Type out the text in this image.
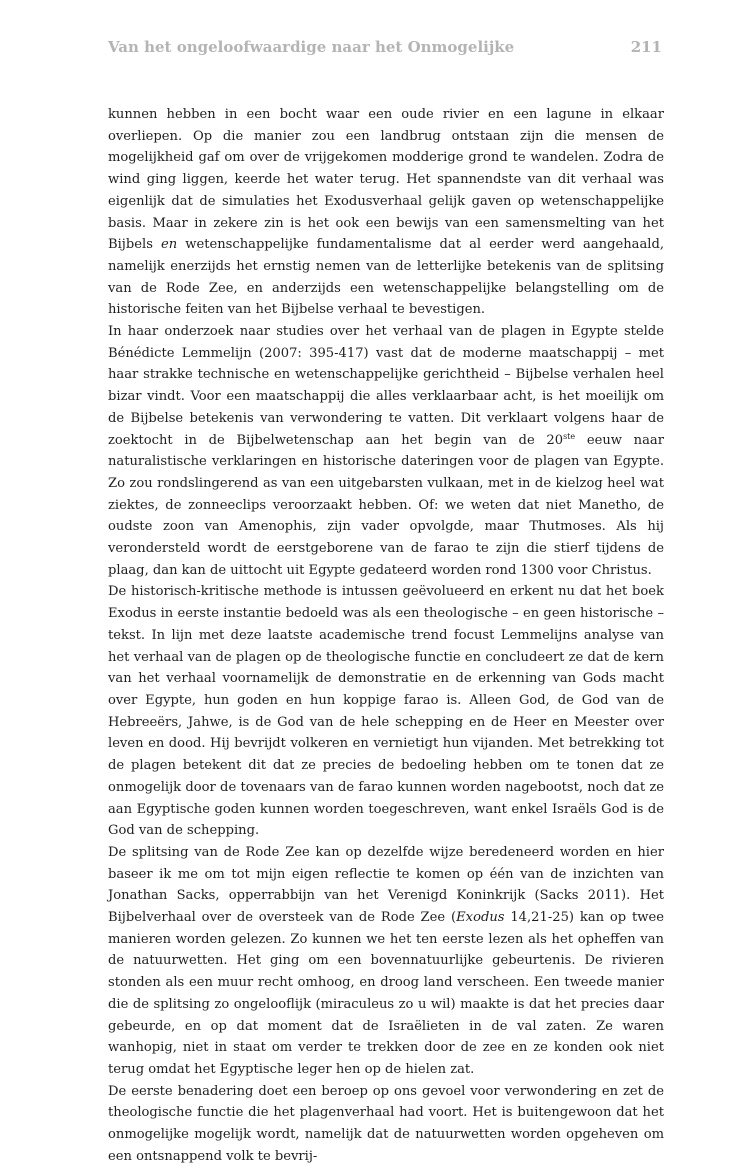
Van het ongeloofwaardige naar het Onmogelijke	211

kunnen hebben in een bocht waar een oude rivier en een lagune in elkaar overliepen. Op die manier zou een landbrug ontstaan zijn die mensen de mogelijkheid gaf om over de vrijgekomen modderige grond te wandelen. Zodra de wind ging liggen, keerde het water terug. Het spannendste van dit verhaal was eigenlijk dat de simulaties het Exodusverhaal gelijk gaven op wetenschappelijke basis. Maar in zekere zin is het ook een bewijs van een samensmelting van het Bijbels en wetenschappelijke fundamentalisme dat al eerder werd aangehaald, namelijk enerzijds het ernstig nemen van de letterlijke betekenis van de splitsing van de Rode Zee, en anderzijds een wetenschappelijke belangstelling om de historische feiten van het Bijbelse verhaal te bevestigen.

In haar onderzoek naar studies over het verhaal van de plagen in Egypte stelde Bénédicte Lemmelijn (2007: 395-417) vast dat de moderne maatschappij – met haar strakke technische en wetenschappelijke gerichtheid – Bijbelse verhalen heel bizar vindt. Voor een maatschappij die alles verklaarbaar acht, is het moeilijk om de Bijbelse betekenis van verwondering te vatten. Dit verklaart volgens haar de zoektocht in de Bijbelwetenschap aan het begin van de 20ste eeuw naar naturalistische verklaringen en historische dateringen voor de plagen van Egypte. Zo zou rondslingerend as van een uitgebarsten vulkaan, met in de kielzog heel wat ziektes, de zonneeclips veroorzaakt hebben. Of: we weten dat niet Manetho, de oudste zoon van Amenophis, zijn vader opvolgde, maar Thutmoses. Als hij verondersteld wordt de eerstgeborene van de farao te zijn die stierf tijdens de plaag, dan kan de uittocht uit Egypte gedateerd worden rond 1300 voor Christus.

De historisch-kritische methode is intussen geëvolueerd en erkent nu dat het boek Exodus in eerste instantie bedoeld was als een theologische – en geen historische – tekst. In lijn met deze laatste academische trend focust Lemmelijns analyse van het verhaal van de plagen op de theologische functie en concludeert ze dat de kern van het verhaal voornamelijk de demonstratie en de erkenning van Gods macht over Egypte, hun goden en hun koppige farao is. Alleen God, de God van de Hebreeërs, Jahwe, is de God van de hele schepping en de Heer en Meester over leven en dood. Hij bevrijdt volkeren en vernietigt hun vijanden. Met betrekking tot de plagen betekent dit dat ze precies de bedoeling hebben om te tonen dat ze onmogelijk door de tovenaars van de farao kunnen worden nagebootst, noch dat ze aan Egyptische goden kunnen worden toegeschreven, want enkel Israëls God is de God van de schepping.

De splitsing van de Rode Zee kan op dezelfde wijze beredeneerd worden en hier baseer ik me om tot mijn eigen reflectie te komen op één van de inzichten van Jonathan Sacks, opperrabbijn van het Verenigd Koninkrijk (Sacks 2011). Het Bijbelverhaal over de oversteek van de Rode Zee (Exodus 14,21-25) kan op twee manieren worden gelezen. Zo kunnen we het ten eerste lezen als het opheffen van de natuurwetten. Het ging om een bovennatuurlijke gebeurtenis. De rivieren stonden als een muur recht omhoog, en droog land verscheen. Een tweede manier die de splitsing zo ongelooflijk (miraculeus zo u wil) maakte is dat het precies daar gebeurde, en op dat moment dat de Israëlieten in de val zaten. Ze waren wanhopig, niet in staat om verder te trekken door de zee en ze konden ook niet terug omdat het Egyptische leger hen op de hielen zat.

De eerste benadering doet een beroep op ons gevoel voor verwondering en zet de theologische functie die het plagenverhaal had voort. Het is buitengewoon dat het onmogelijke mogelijk wordt, namelijk dat de natuurwetten worden opgeheven om een ontsnappend volk te bevrij-
